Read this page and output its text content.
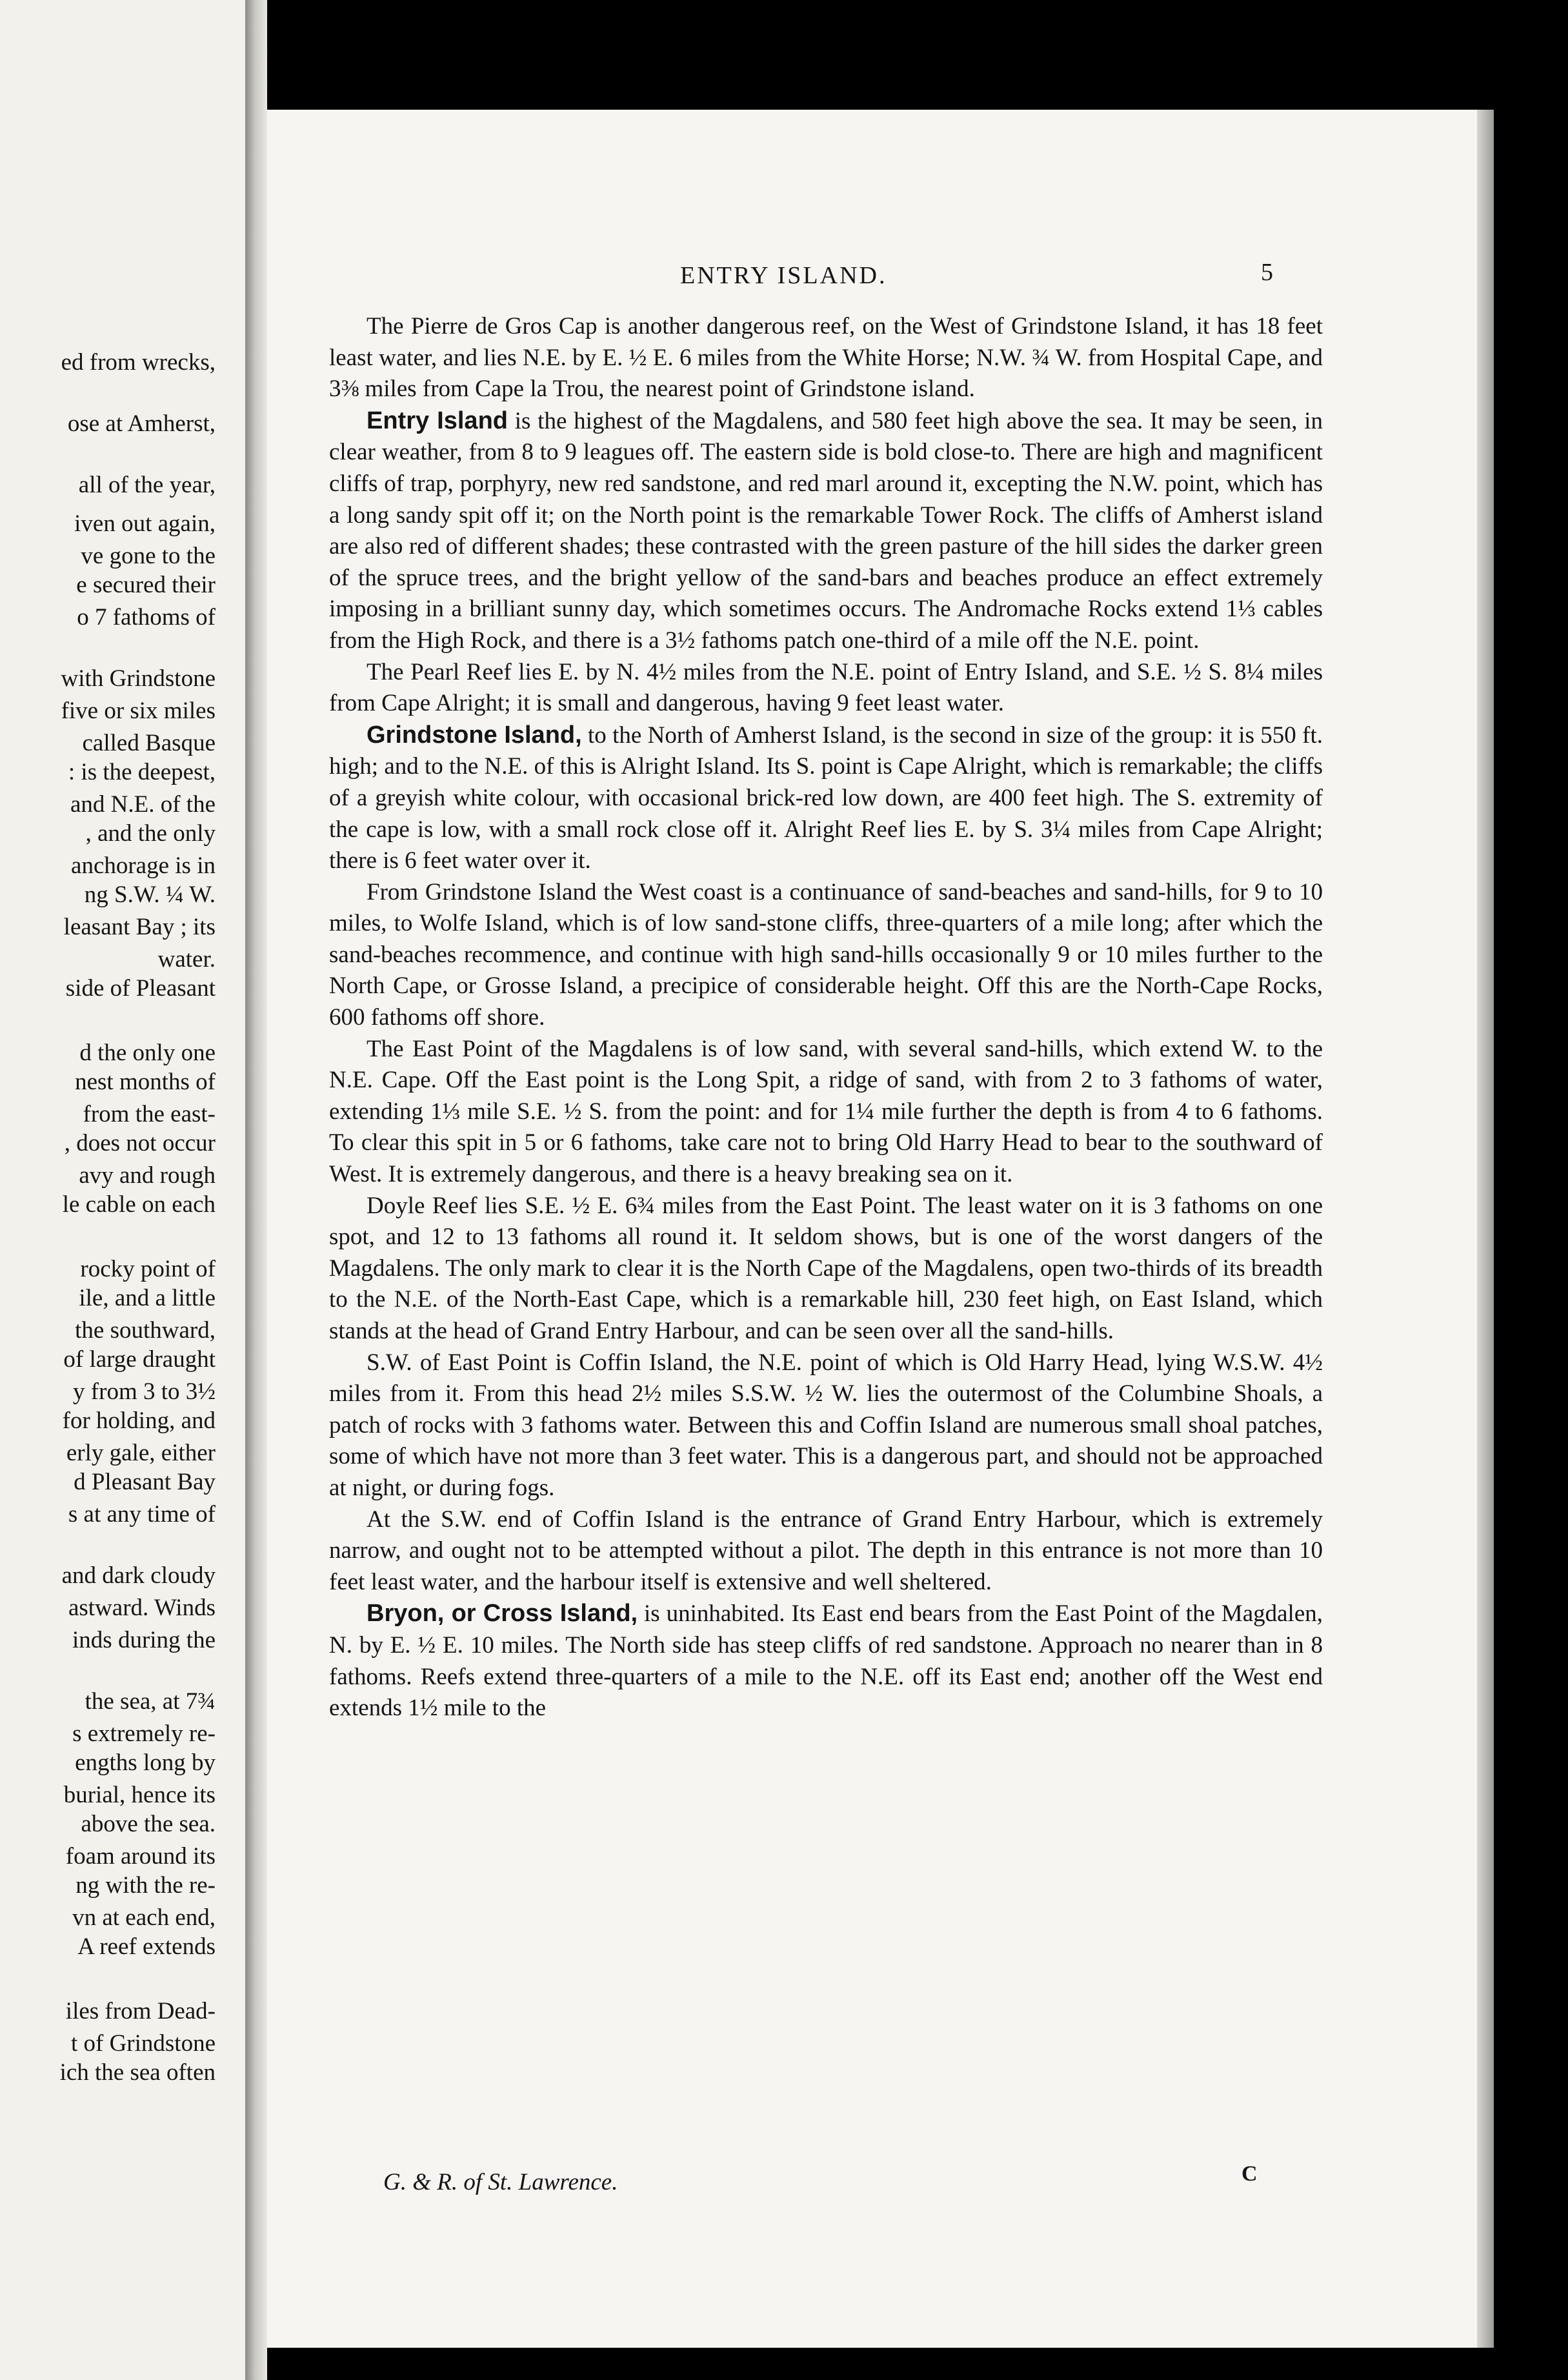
ed from wrecks,
ose at Amherst,
all of the year,
iven out again,
ve gone to the
e secured their
o 7 fathoms of
with Grindstone
five or six miles
called Basque
: is the deepest,
and N.E. of the
, and the only
anchorage is in
ng S.W. ¼ W.
leasant Bay ; its
water.
side of Pleasant
d the only one
nest months of
from the east-
, does not occur
avy and rough
le cable on each
rocky point of
ile, and a little
the southward,
of large draught
y from 3 to 3½
for holding, and
erly gale, either
d Pleasant Bay
s at any time of
and dark cloudy
astward. Winds
inds during the
the sea, at 7¾
s extremely re-
engths long by
burial, hence its
above the sea.
foam around its
ng with the re-
vn at each end,
A reef extends
iles from Dead-
t of Grindstone
ich the sea often
ENTRY ISLAND.	5

The Pierre de Gros Cap is another dangerous reef, on the West of Grindstone Island, it has 18 feet least water, and lies N.E. by E. ½ E. 6 miles from the White Horse; N.W. ¾ W. from Hospital Cape, and 3⅜ miles from Cape la Trou, the nearest point of Grindstone island.

Entry Island is the highest of the Magdalens, and 580 feet high above the sea. It may be seen, in clear weather, from 8 to 9 leagues off. The eastern side is bold close-to. There are high and magnificent cliffs of trap, porphyry, new red sandstone, and red marl around it, excepting the N.W. point, which has a long sandy spit off it; on the North point is the remarkable Tower Rock. The cliffs of Amherst island are also red of different shades; these contrasted with the green pasture of the hill sides the darker green of the spruce trees, and the bright yellow of the sand-bars and beaches produce an effect extremely imposing in a brilliant sunny day, which sometimes occurs. The Andromache Rocks extend 1⅓ cables from the High Rock, and there is a 3½ fathoms patch one-third of a mile off the N.E. point.

The Pearl Reef lies E. by N. 4½ miles from the N.E. point of Entry Island, and S.E. ½ S. 8¼ miles from Cape Alright; it is small and dangerous, having 9 feet least water.

Grindstone Island, to the North of Amherst Island, is the second in size of the group: it is 550 ft. high; and to the N.E. of this is Alright Island. Its S. point is Cape Alright, which is remarkable; the cliffs of a greyish white colour, with occasional brick-red low down, are 400 feet high. The S. extremity of the cape is low, with a small rock close off it. Alright Reef lies E. by S. 3¼ miles from Cape Alright; there is 6 feet water over it.

From Grindstone Island the West coast is a continuance of sand-beaches and sand-hills, for 9 to 10 miles, to Wolfe Island, which is of low sand-stone cliffs, three-quarters of a mile long; after which the sand-beaches recommence, and continue with high sand-hills occasionally 9 or 10 miles further to the North Cape, or Grosse Island, a precipice of considerable height. Off this are the North-Cape Rocks, 600 fathoms off shore.

The East Point of the Magdalens is of low sand, with several sand-hills, which extend W. to the N.E. Cape. Off the East point is the Long Spit, a ridge of sand, with from 2 to 3 fathoms of water, extending 1⅓ mile S.E. ½ S. from the point: and for 1¼ mile further the depth is from 4 to 6 fathoms. To clear this spit in 5 or 6 fathoms, take care not to bring Old Harry Head to bear to the southward of West. It is extremely dangerous, and there is a heavy breaking sea on it.

Doyle Reef lies S.E. ½ E. 6¾ miles from the East Point. The least water on it is 3 fathoms on one spot, and 12 to 13 fathoms all round it. It seldom shows, but is one of the worst dangers of the Magdalens. The only mark to clear it is the North Cape of the Magdalens, open two-thirds of its breadth to the N.E. of the North-East Cape, which is a remarkable hill, 230 feet high, on East Island, which stands at the head of Grand Entry Harbour, and can be seen over all the sand-hills.

S.W. of East Point is Coffin Island, the N.E. point of which is Old Harry Head, lying W.S.W. 4½ miles from it. From this head 2½ miles S.S.W. ½ W. lies the outermost of the Columbine Shoals, a patch of rocks with 3 fathoms water. Between this and Coffin Island are numerous small shoal patches, some of which have not more than 3 feet water. This is a dangerous part, and should not be approached at night, or during fogs.

At the S.W. end of Coffin Island is the entrance of Grand Entry Harbour, which is extremely narrow, and ought not to be attempted without a pilot. The depth in this entrance is not more than 10 feet least water, and the harbour itself is extensive and well sheltered.

Bryon, or Cross Island, is uninhabited. Its East end bears from the East Point of the Magdalen, N. by E. ½ E. 10 miles. The North side has steep cliffs of red sandstone. Approach no nearer than in 8 fathoms. Reefs extend three-quarters of a mile to the N.E. off its East end; another off the West end extends 1½ mile to the

G. & R. of St. Lawrence.	C
